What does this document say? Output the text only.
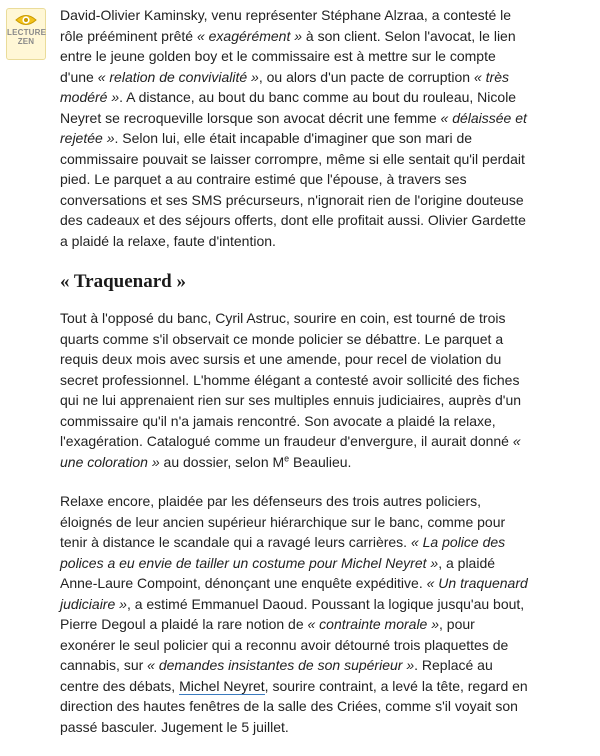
LECTURE
ZEN

David-Olivier Kaminsky, venu représenter Stéphane Alzraa, a contesté le rôle prééminent prêté « exagérément » à son client. Selon l'avocat, le lien entre le jeune golden boy et le commissaire est à mettre sur le compte d'une « relation de convivialité », ou alors d'un pacte de corruption « très modéré ». A distance, au bout du banc comme au bout du rouleau, Nicole Neyret se recroqueville lorsque son avocat décrit une femme « délaissée et rejetée ». Selon lui, elle était incapable d'imaginer que son mari de commissaire pouvait se laisser corrompre, même si elle sentait qu'il perdait pied. Le parquet a au contraire estimé que l'épouse, à travers ses conversations et ses SMS précurseurs, n'ignorait rien de l'origine douteuse des cadeaux et des séjours offerts, dont elle profitait aussi. Olivier Gardette a plaidé la relaxe, faute d'intention.

« Traquenard »

Tout à l'opposé du banc, Cyril Astruc, sourire en coin, est tourné de trois quarts comme s'il observait ce monde policier se débattre. Le parquet a requis deux mois avec sursis et une amende, pour recel de violation du secret professionnel. L'homme élégant a contesté avoir sollicité des fiches qui ne lui apprenaient rien sur ses multiples ennuis judiciaires, auprès d'un commissaire qu'il n'a jamais rencontré. Son avocate a plaidé la relaxe, l'exagération. Catalogué comme un fraudeur d'envergure, il aurait donné « une coloration » au dossier, selon Me Beaulieu.

Relaxe encore, plaidée par les défenseurs des trois autres policiers, éloignés de leur ancien supérieur hiérarchique sur le banc, comme pour tenir à distance le scandale qui a ravagé leurs carrières. « La police des polices a eu envie de tailler un costume pour Michel Neyret », a plaidé Anne-Laure Compoint, dénonçant une enquête expéditive. « Un traquenard judiciaire », a estimé Emmanuel Daoud. Poussant la logique jusqu'au bout, Pierre Degoul a plaidé la rare notion de « contrainte morale », pour exonérer le seul policier qui a reconnu avoir détourné trois plaquettes de cannabis, sur « demandes insistantes de son supérieur ». Replacé au centre des débats, Michel Neyret, sourire contraint, a levé la tête, regard en direction des hautes fenêtres de la salle des Criées, comme s'il voyait son passé basculer. Jugement le 5 juillet.
